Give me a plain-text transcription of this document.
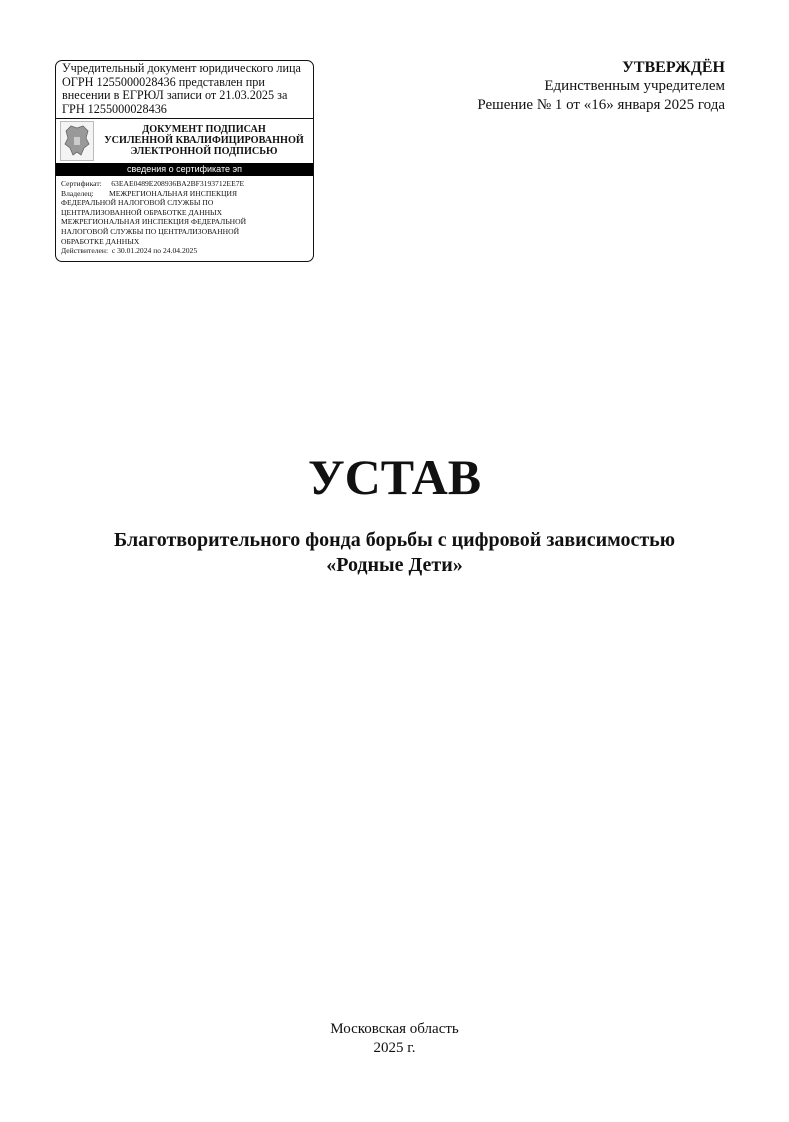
Учредительный документ юридического лица
ОГРН 1255000028436 представлен при
внесении в ЕГРЮЛ записи от 21.03.2025 за
ГРН 1255000028436
ДОКУМЕНТ ПОДПИСАН
УСИЛЕННОЙ КВАЛИФИЦИРОВАННОЙ
ЭЛЕКТРОННОЙ ПОДПИСЬЮ
сведения о сертификате эп
Сертификат:     63EAE0489E208936BA2BF3193712EE7E
Владелец:        МЕЖРЕГИОНАЛЬНАЯ ИНСПЕКЦИЯ
ФЕДЕРАЛЬНОЙ НАЛОГОВОЙ СЛУЖБЫ ПО
ЦЕНТРАЛИЗОВАННОЙ ОБРАБОТКЕ ДАННЫХ
МЕЖРЕГИОНАЛЬНАЯ ИНСПЕКЦИЯ ФЕДЕРАЛЬНОЙ
НАЛОГОВОЙ СЛУЖБЫ ПО ЦЕНТРАЛИЗОВАННОЙ
ОБРАБОТКЕ ДАННЫХ
Действителен:  с 30.01.2024 по 24.04.2025
УТВЕРЖДЁН
Единственным учредителем
Решение № 1 от «16» января 2025 года
УСТАВ
Благотворительного фонда борьбы с цифровой зависимостью
«Родные Дети»
Московская область
2025 г.
